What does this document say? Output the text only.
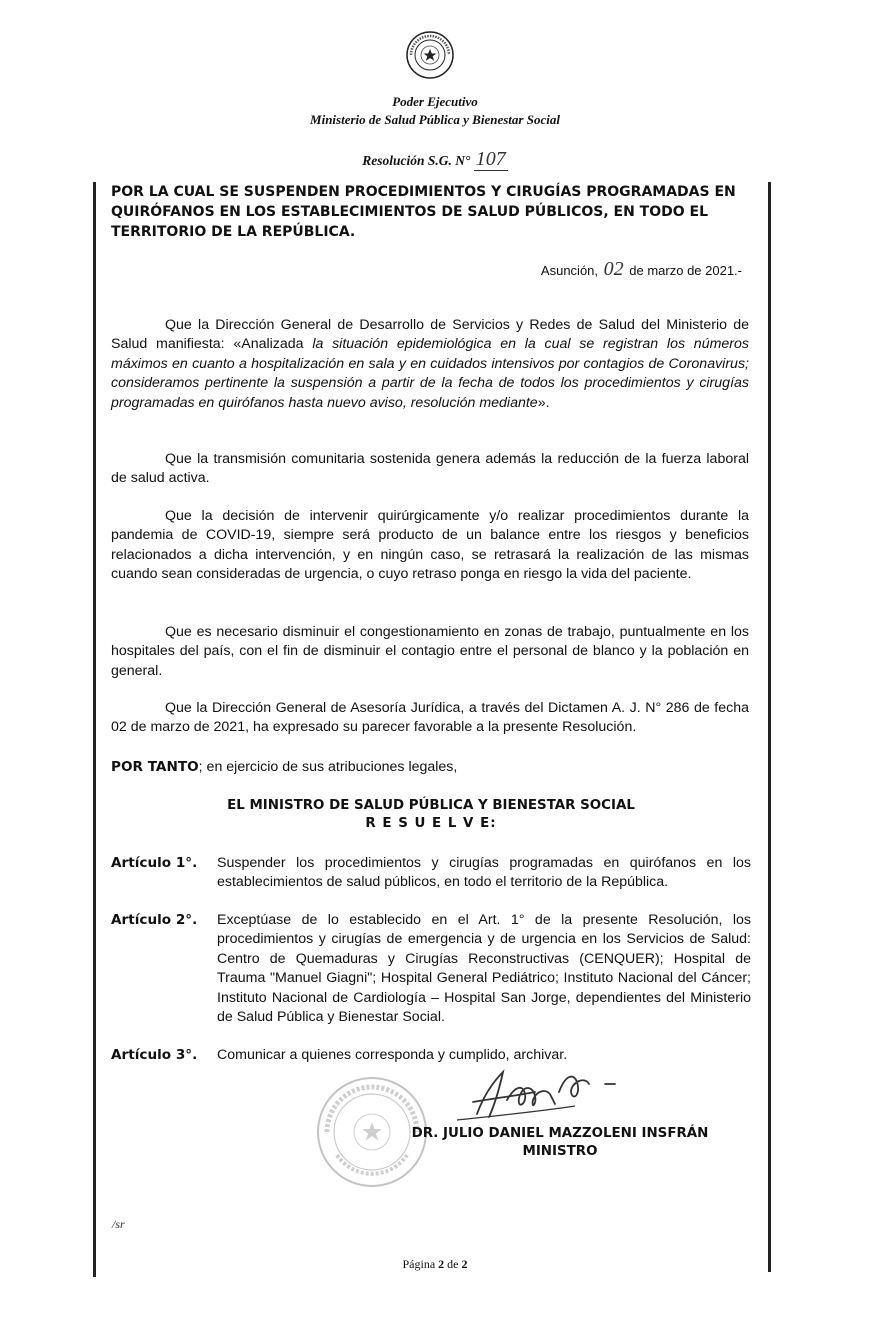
Poder Ejecutivo
Ministerio de Salud Pública y Bienestar Social
Resolución S.G. N° 107
POR LA CUAL SE SUSPENDEN PROCEDIMIENTOS Y CIRUGÍAS PROGRAMADAS EN QUIRÓFANOS EN LOS ESTABLECIMIENTOS DE SALUD PÚBLICOS, EN TODO EL TERRITORIO DE LA REPÚBLICA.
Asunción, 02 de marzo de 2021.-
Que la Dirección General de Desarrollo de Servicios y Redes de Salud del Ministerio de Salud manifiesta: «Analizada la situación epidemiológica en la cual se registran los números máximos en cuanto a hospitalización en sala y en cuidados intensivos por contagios de Coronavirus; consideramos pertinente la suspensión a partir de la fecha de todos los procedimientos y cirugías programadas en quirófanos hasta nuevo aviso, resolución mediante».
Que la transmisión comunitaria sostenida genera además la reducción de la fuerza laboral de salud activa.
Que la decisión de intervenir quirúrgicamente y/o realizar procedimientos durante la pandemia de COVID-19, siempre será producto de un balance entre los riesgos y beneficios relacionados a dicha intervención, y en ningún caso, se retrasará la realización de las mismas cuando sean consideradas de urgencia, o cuyo retraso ponga en riesgo la vida del paciente.
Que es necesario disminuir el congestionamiento en zonas de trabajo, puntualmente en los hospitales del país, con el fin de disminuir el contagio entre el personal de blanco y la población en general.
Que la Dirección General de Asesoría Jurídica, a través del Dictamen A. J. N° 286 de fecha 02 de marzo de 2021, ha expresado su parecer favorable a la presente Resolución.
POR TANTO; en ejercicio de sus atribuciones legales,
EL MINISTRO DE SALUD PÚBLICA Y BIENESTAR SOCIAL
R E S U E L V E:
Artículo 1°.	Suspender los procedimientos y cirugías programadas en quirófanos en los establecimientos de salud públicos, en todo el territorio de la República.
Artículo 2°.	Exceptúase de lo establecido en el Art. 1° de la presente Resolución, los procedimientos y cirugías de emergencia y de urgencia en los Servicios de Salud: Centro de Quemaduras y Cirugías Reconstructivas (CENQUER); Hospital de Trauma "Manuel Giagni"; Hospital General Pediátrico; Instituto Nacional del Cáncer; Instituto Nacional de Cardiología – Hospital San Jorge, dependientes del Ministerio de Salud Pública y Bienestar Social.
Artículo 3°.	Comunicar a quienes corresponda y cumplido, archivar.
DR. JULIO DANIEL MAZZOLENI INSFRÁN
MINISTRO
/sr
Página 2 de 2
